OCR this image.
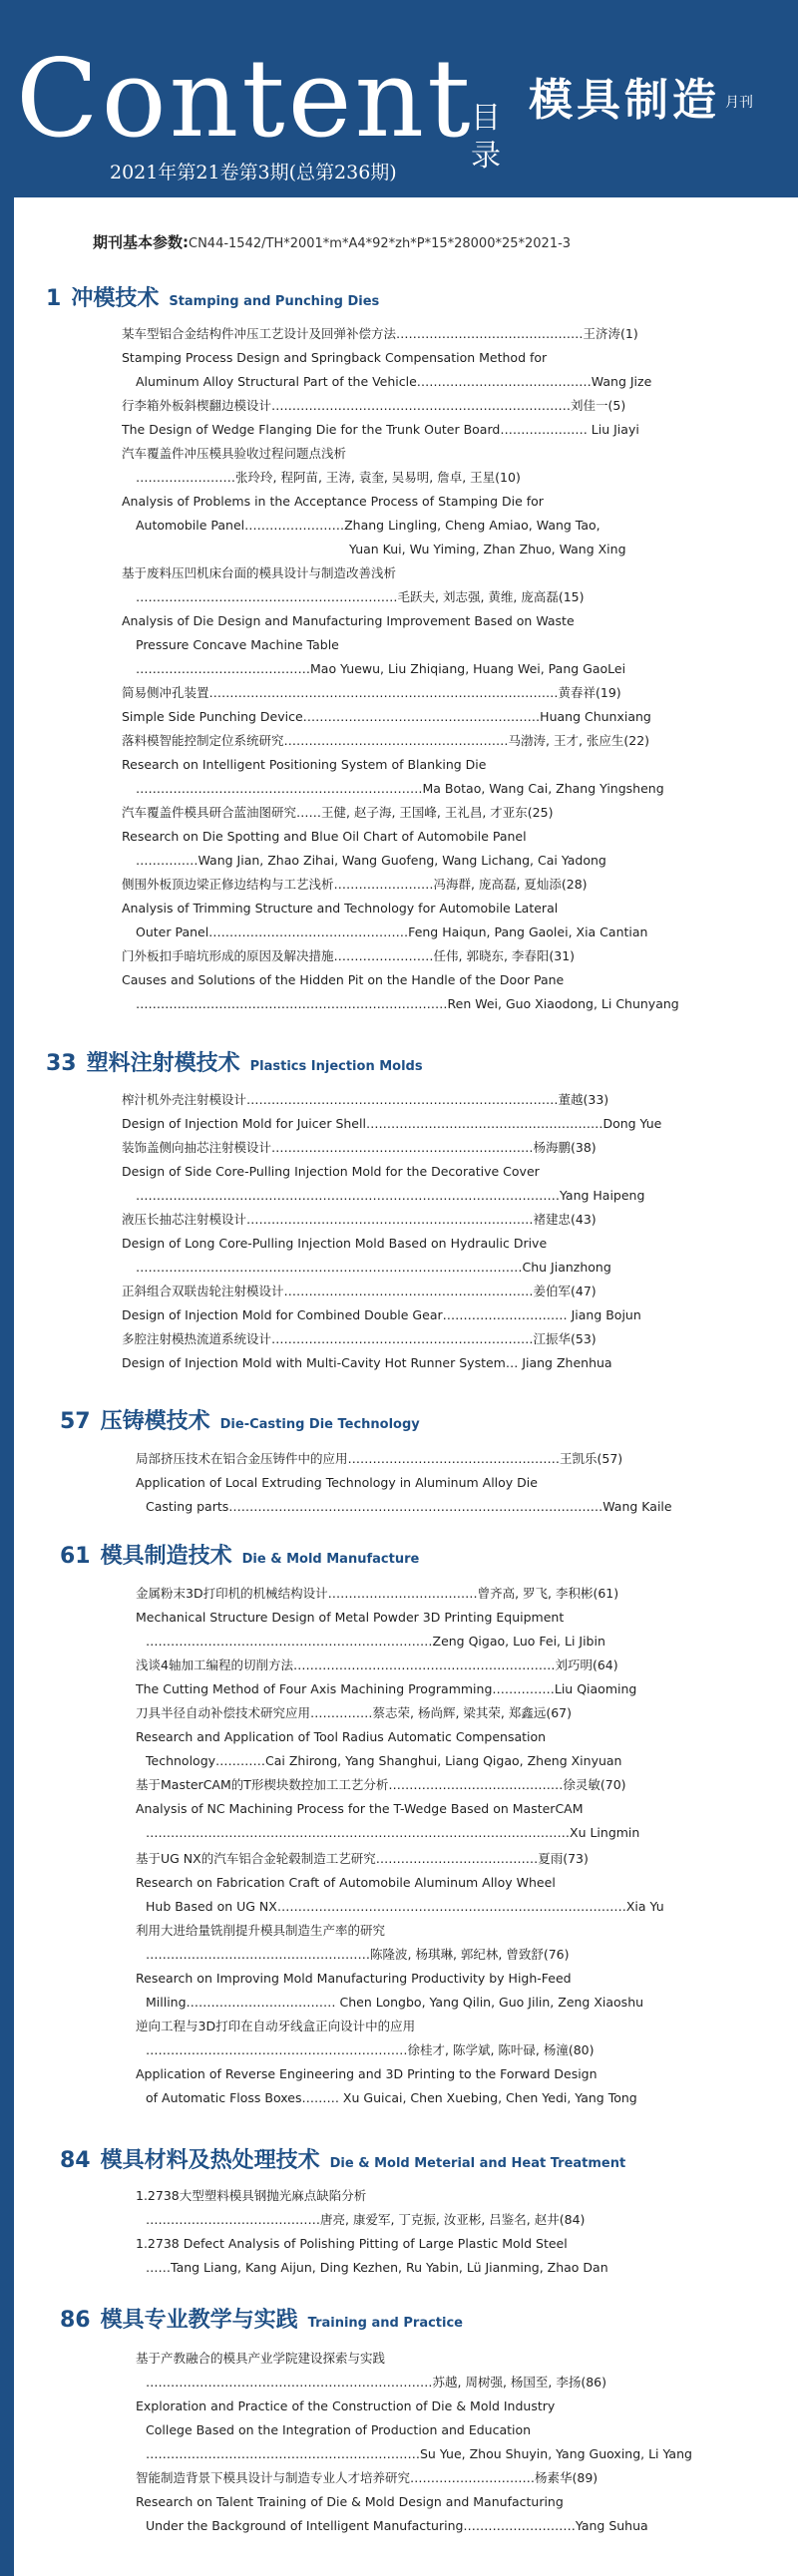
Content
目录
2021年第21卷第3期(总第236期)
模具制造 月刊
期刊基本参数:CN44-1542/TH*2001*m*A4*92*zh*P*15*28000*25*2021-3
1 冲模技术 Stamping and Punching Dies
33 塑料注射模技术 Plastics Injection Molds
57 压铸模技术 Die-Casting Die Technology
61 模具制造技术 Die & Mold Manufacture
84 模具材料及热处理技术 Die & Mold Meterial and Heat Treatment
86 模具专业教学与实践 Training and Practice
某车型铝合金结构件冲压工艺设计及回弹补偿方法………………………………………王济涛(1)
Stamping Process Design and Springback Compensation Method for
Aluminum Alloy Structural Part of the Vehicle……………………………………Wang Jize
行李箱外板斜楔翻边模设计………………………………………………………………刘佳一(5)
The Design of Wedge Flanging Die for the Trunk Outer Board………………… Liu Jiayi
汽车覆盖件冲压模具验收过程问题点浅析
……………………张玲玲, 程阿苗, 王涛, 袁奎, 吴易明, 詹卓, 王星(10)
Analysis of Problems in the Acceptance Process of Stamping Die for
Automobile Panel……………………Zhang Lingling, Cheng Amiao, Wang Tao,
Yuan Kui, Wu Yiming, Zhan Zhuo, Wang Xing
基于废料压凹机床台面的模具设计与制造改善浅析
………………………………………………………毛跃夫, 刘志强, 黄维, 庞高磊(15)
Analysis of Die Design and Manufacturing Improvement Based on Waste
Pressure Concave Machine Table
……………………………………Mao Yuewu, Liu Zhiqiang, Huang Wei, Pang GaoLei
简易侧冲孔装置…………………………………………………………………………黄春祥(19)
Simple Side Punching Device…………………………………………………Huang Chunxiang
落料模智能控制定位系统研究………………………………………………马渤涛, 王才, 张应生(22)
Research on Intelligent Positioning System of Blanking Die
……………………………………………………………Ma Botao, Wang Cai, Zhang Yingsheng
汽车覆盖件模具研合蓝油图研究……王健, 赵子海, 王国峰, 王礼昌, 才亚东(25)
Research on Die Spotting and Blue Oil Chart of Automobile Panel
……………Wang Jian, Zhao Zihai, Wang Guofeng, Wang Lichang, Cai Yadong
侧围外板顶边梁正修边结构与工艺浅析……………………冯海群, 庞高磊, 夏灿添(28)
Analysis of Trimming Structure and Technology for Automobile Lateral
Outer Panel…………………………………………Feng Haiqun, Pang Gaolei, Xia Cantian
门外板扣手暗坑形成的原因及解决措施……………………任伟, 郭晓东, 李春阳(31)
Causes and Solutions of the Hidden Pit on the Handle of the Door Pane
…………………………………………………………………Ren Wei, Guo Xiaodong, Li Chunyang
榨汁机外壳注射模设计…………………………………………………………………董越(33)
Design of Injection Mold for Juicer Shell…………………………………………………Dong Yue
装饰盖侧向抽芯注射模设计………………………………………………………杨海鹏(38)
Design of Side Core-Pulling Injection Mold for the Decorative Cover
…………………………………………………………………………………………Yang Haipeng
液压长抽芯注射模设计……………………………………………………………褚建忠(43)
Design of Long Core-Pulling Injection Mold Based on Hydraulic Drive
…………………………………………………………………………………Chu Jianzhong
正斜组合双联齿轮注射模设计……………………………………………………姜伯军(47)
Design of Injection Mold for Combined Double Gear………………………… Jiang Bojun
多腔注射模热流道系统设计………………………………………………………江振华(53)
Design of Injection Mold with Multi-Cavity Hot Runner System… Jiang Zhenhua
局部挤压技术在铝合金压铸件中的应用……………………………………………王凯乐(57)
Application of Local Extruding Technology in Aluminum Alloy Die
Casting parts………………………………………………………………………………Wang Kaile
金属粉末3D打印机的机械结构设计………………………………曾齐高, 罗飞, 李积彬(61)
Mechanical Structure Design of Metal Powder 3D Printing Equipment
……………………………………………………………Zeng Qigao, Luo Fei, Li Jibin
浅谈4轴加工编程的切削方法………………………………………………………刘巧明(64)
The Cutting Method of Four Axis Machining Programming……………Liu Qiaoming
刀具半径自动补偿技术研究应用……………蔡志荣, 杨尚辉, 梁其荣, 郑鑫远(67)
Research and Application of Tool Radius Automatic Compensation
Technology…………Cai Zhirong, Yang Shanghui, Liang Qigao, Zheng Xinyuan
基于MasterCAM的T形楔块数控加工工艺分析……………………………………徐灵敏(70)
Analysis of NC Machining Process for the T-Wedge Based on MasterCAM
…………………………………………………………………………………………Xu Lingmin
基于UG NX的汽车铝合金轮毂制造工艺研究…………………………………夏雨(73)
Research on Fabrication Craft of Automobile Aluminum Alloy Wheel
Hub Based on UG NX…………………………………………………………………………Xia Yu
利用大进给量铣削提升模具制造生产率的研究
………………………………………………陈隆波, 杨琪琳, 郭纪林, 曾致舒(76)
Research on Improving Mold Manufacturing Productivity by High-Feed
Milling……………………………… Chen Longbo, Yang Qilin, Guo Jilin, Zeng Xiaoshu
逆向工程与3D打印在自动牙线盒正向设计中的应用
………………………………………………………徐桂才, 陈学斌, 陈叶碌, 杨潼(80)
Application of Reverse Engineering and 3D Printing to the Forward Design
of Automatic Floss Boxes……… Xu Guicai, Chen Xuebing, Chen Yedi, Yang Tong
1.2738大型塑料模具钢抛光麻点缺陷分析
……………………………………唐亮, 康爱军, 丁克振, 汝亚彬, 吕鉴名, 赵井(84)
1.2738 Defect Analysis of Polishing Pitting of Large Plastic Mold Steel
……Tang Liang, Kang Aijun, Ding Kezhen, Ru Yabin, Lü Jianming, Zhao Dan
基于产教融合的模具产业学院建设探索与实践
……………………………………………………………苏越, 周树强, 杨国至, 李扬(86)
Exploration and Practice of the Construction of Die & Mold Industry
College Based on the Integration of Production and Education
…………………………………………………………Su Yue, Zhou Shuyin, Yang Guoxing, Li Yang
智能制造背景下模具设计与制造专业人才培养研究…………………………杨素华(89)
Research on Talent Training of Die & Mold Design and Manufacturing
Under the Background of Intelligent Manufacturing………………………Yang Suhua
